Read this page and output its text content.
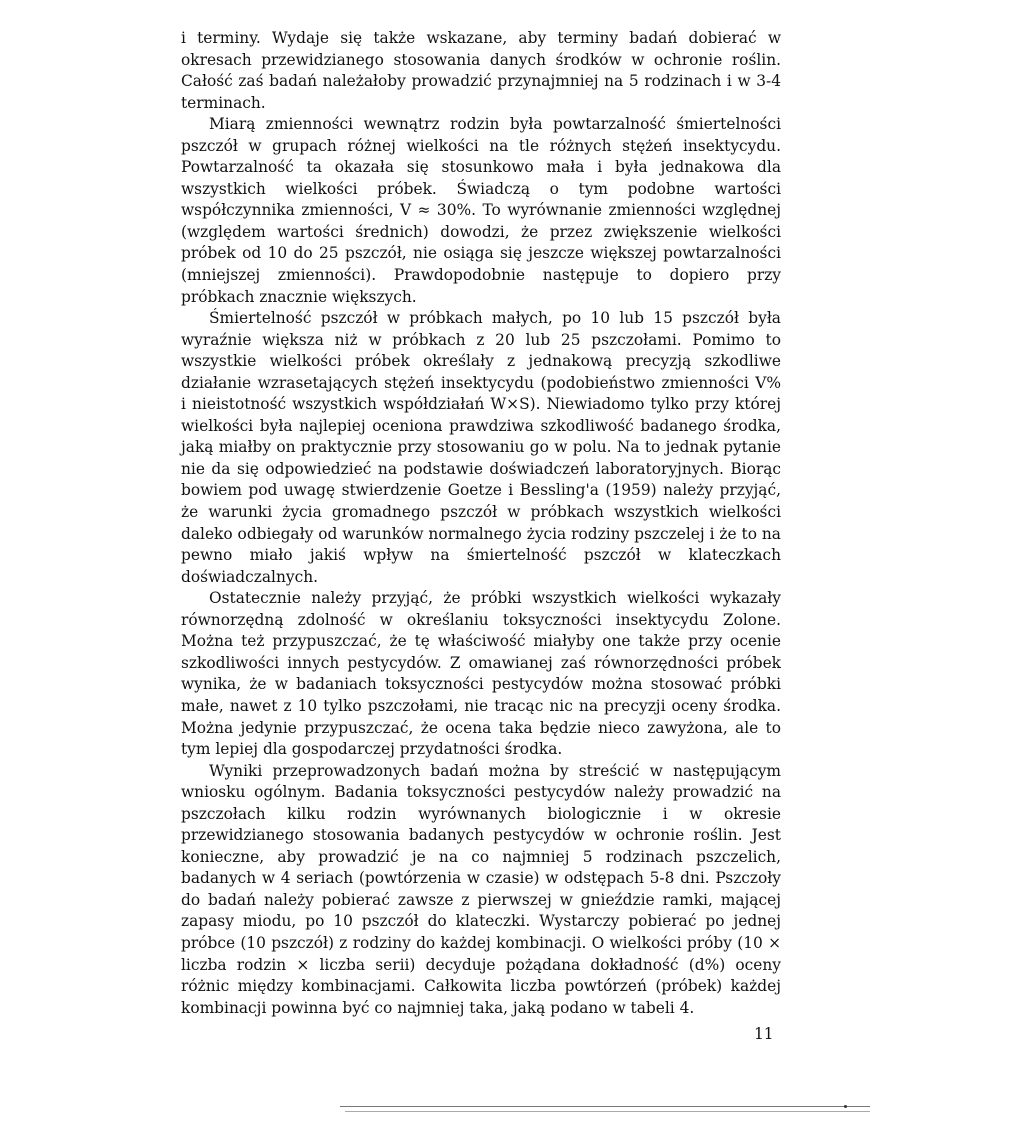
i terminy. Wydaje się także wskazane, aby terminy badań dobierać w okresach przewidzianego stosowania danych środków w ochronie roślin. Całość zaś badań należałoby prowadzić przynajmniej na 5 rodzinach i w 3-4 terminach.

Miarą zmienności wewnątrz rodzin była powtarzalność śmiertelności pszczół w grupach różnej wielkości na tle różnych stężeń insektycydu. Powtarzalność ta okazała się stosunkowo mała i była jednakowa dla wszystkich wielkości próbek. Świadczą o tym podobne wartości współczynnika zmienności, V ≈ 30%. To wyrównanie zmienności względnej (względem wartości średnich) dowodzi, że przez zwiększenie wielkości próbek od 10 do 25 pszczół, nie osiąga się jeszcze większej powtarzalności (mniejszej zmienności). Prawdopodobnie następuje to dopiero przy próbkach znacznie większych.

Śmiertelność pszczół w próbkach małych, po 10 lub 15 pszczół była wyraźnie większa niż w próbkach z 20 lub 25 pszczołami. Pomimo to wszystkie wielkości próbek określały z jednakową precyzją szkodliwe działanie wzrasetających stężeń insektycydu (podobieństwo zmienności V% i nieistotność wszystkich współdziałań W×S). Niewiadomo tylko przy której wielkości była najlepiej oceniona prawdziwa szkodliwość badanego środka, jaką miałby on praktycznie przy stosowaniu go w polu. Na to jednak pytanie nie da się odpowiedzieć na podstawie doświadczeń laboratoryjnych. Biorąc bowiem pod uwagę stwierdzenie Goetze i Bessling'a (1959) należy przyjąć, że warunki życia gromadnego pszczół w próbkach wszystkich wielkości daleko odbiegały od warunków normalnego życia rodziny pszczelej i że to na pewno miało jakiś wpływ na śmiertelność pszczół w klateczkach doświadczalnych.

Ostatecznie należy przyjąć, że próbki wszystkich wielkości wykazały równorzędną zdolność w określaniu toksyczności insektycydu Zolone. Można też przypuszczać, że tę właściwość miałyby one także przy ocenie szkodliwości innych pestycydów. Z omawianej zaś równorzędności próbek wynika, że w badaniach toksyczności pestycydów można stosować próbki małe, nawet z 10 tylko pszczołami, nie tracąc nic na precyzji oceny środka. Można jedynie przypuszczać, że ocena taka będzie nieco zawyżona, ale to tym lepiej dla gospodarczej przydatności środka.

Wyniki przeprowadzonych badań można by streścić w następującym wniosku ogólnym. Badania toksyczności pestycydów należy prowadzić na pszczołach kilku rodzin wyrównanych biologicznie i w okresie przewidzianego stosowania badanych pestycydów w ochronie roślin. Jest konieczne, aby prowadzić je na co najmniej 5 rodzinach pszczelich, badanych w 4 seriach (powtórzenia w czasie) w odstępach 5-8 dni. Pszczoły do badań należy pobierać zawsze z pierwszej w gnieździe ramki, mającej zapasy miodu, po 10 pszczół do klateczki. Wystarczy pobierać po jednej próbce (10 pszczół) z rodziny do każdej kombinacji. O wielkości próby (10 × liczba rodzin × liczba serii) decyduje pożądana dokładność (d%) oceny różnic między kombinacjami. Całkowita liczba powtórzeń (próbek) każdej kombinacji powinna być co najmniej taka, jaką podano w tabeli 4.

11
